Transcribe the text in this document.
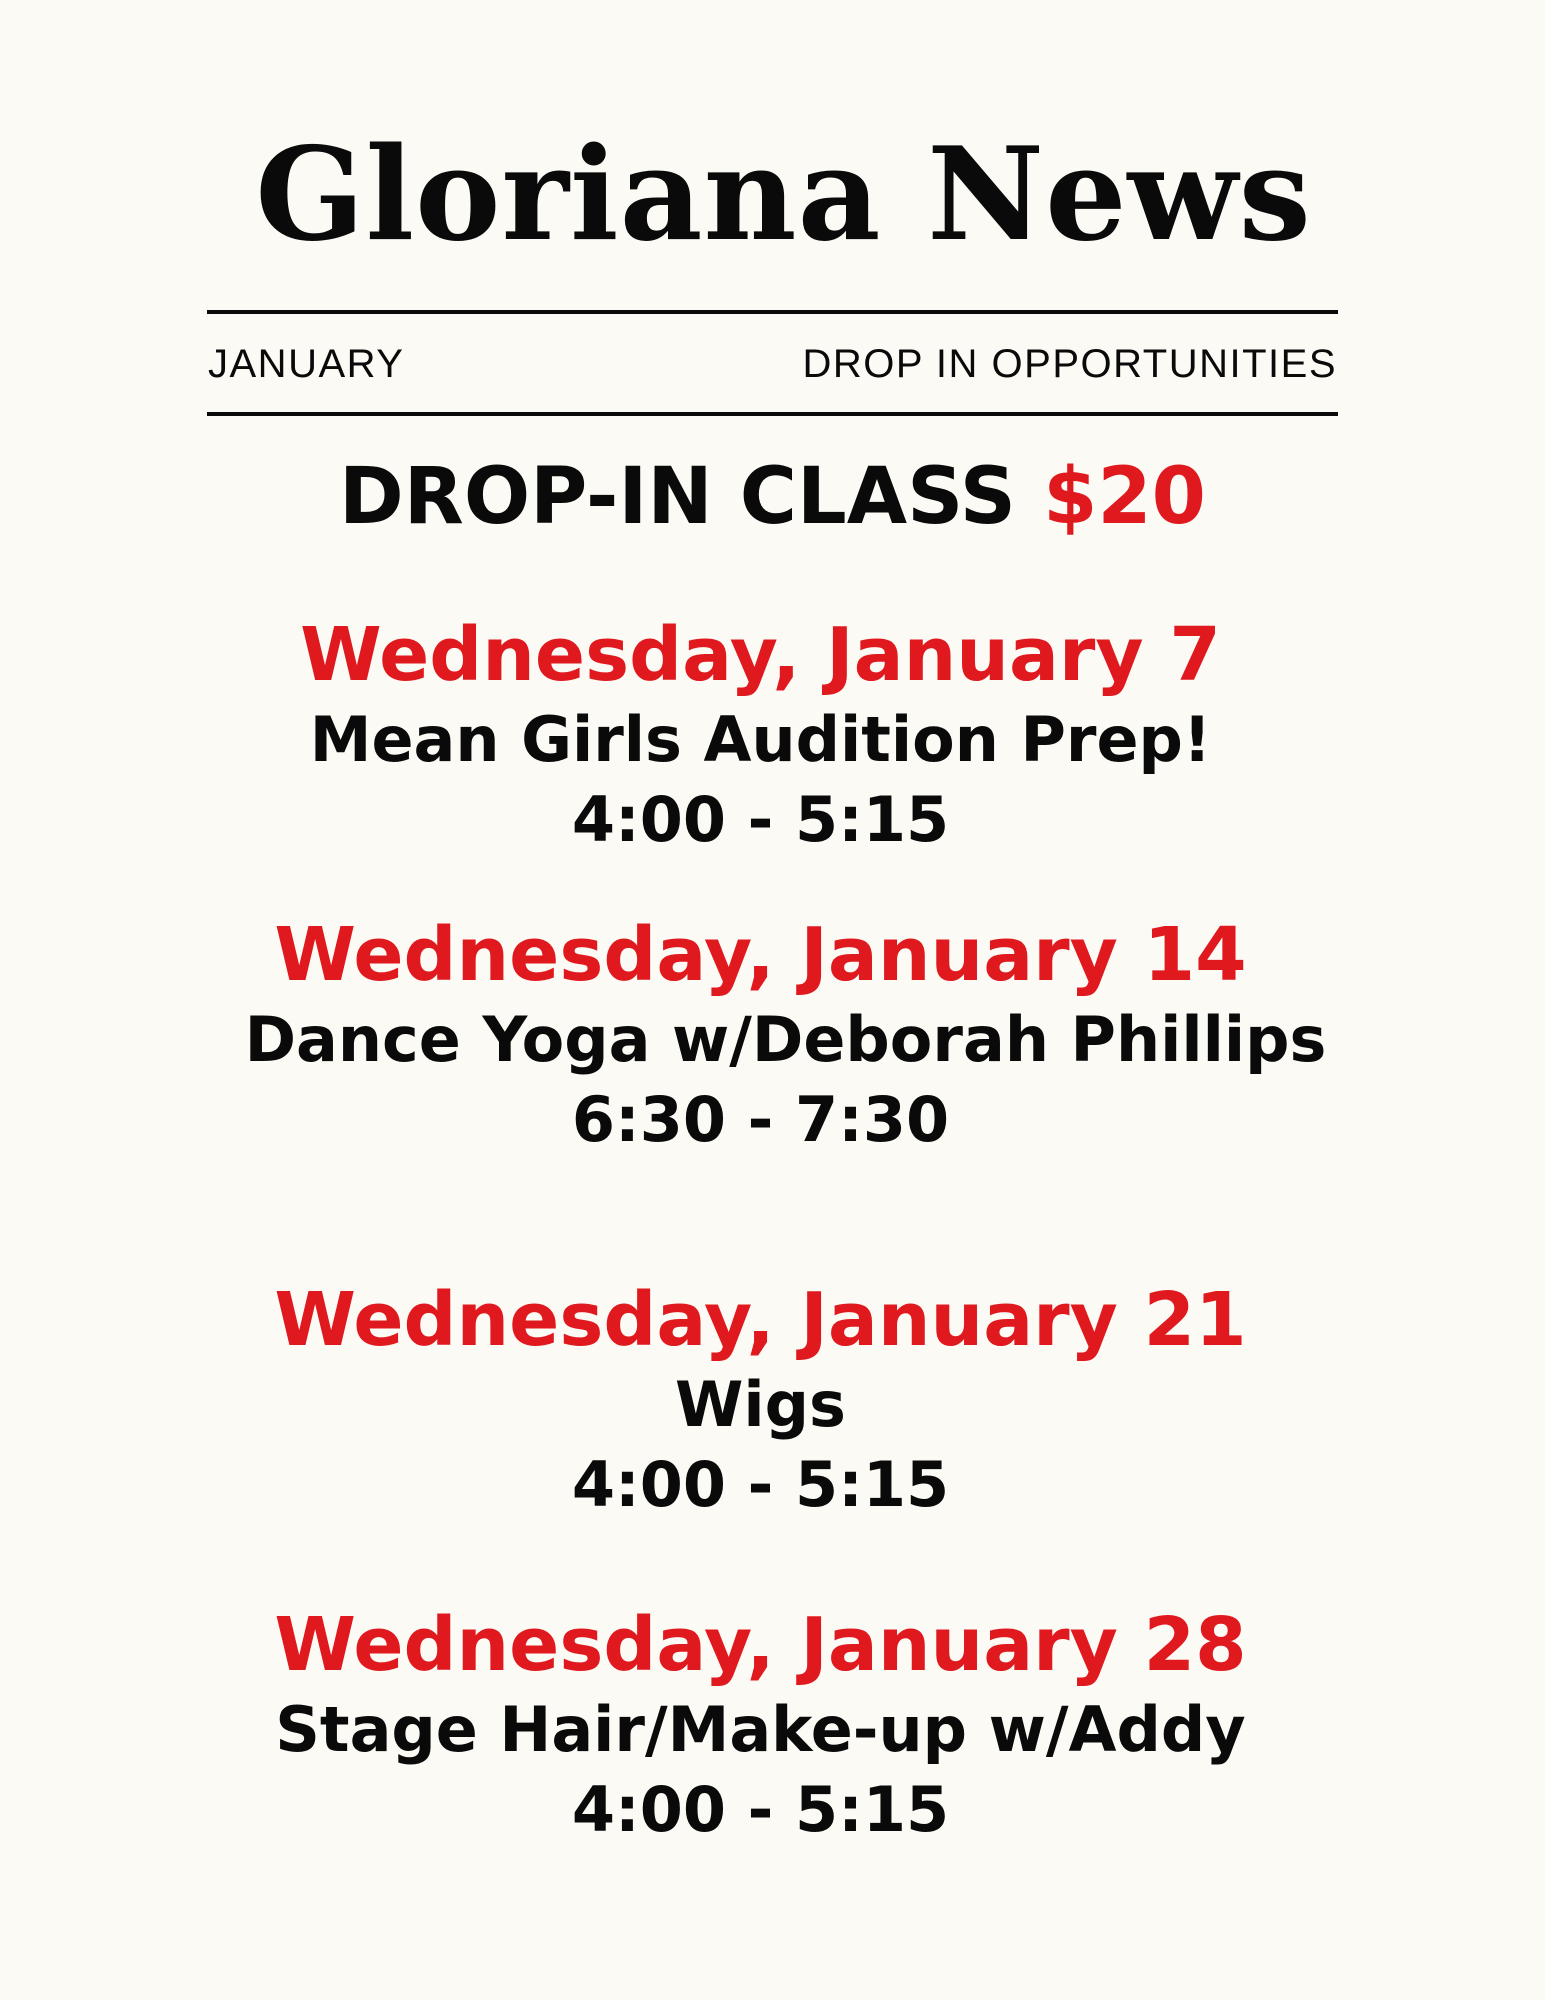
Gloriana News
JANUARY	DROP IN OPPORTUNITIES
DROP-IN CLASS $20
Wednesday, January 7
Mean Girls Audition Prep!
4:00 - 5:15
Wednesday, January 14
Dance Yoga w/Deborah Phillips
6:30 - 7:30
Wednesday, January 21
Wigs
4:00 - 5:15
Wednesday, January 28
Stage Hair/Make-up w/Addy
4:00 - 5:15
